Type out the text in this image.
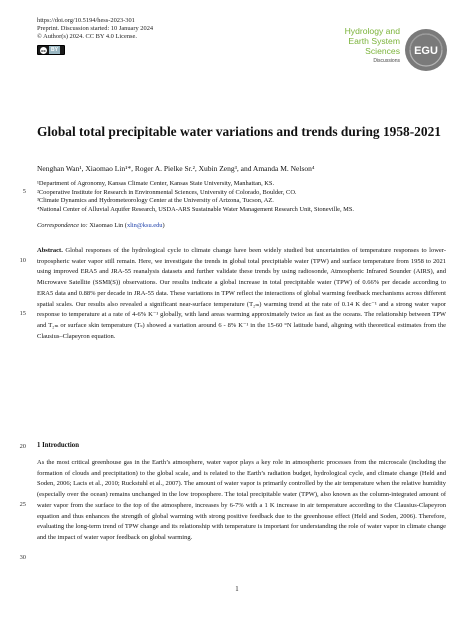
https://doi.org/10.5194/hess-2023-301
Preprint. Discussion started: 10 January 2024
© Author(s) 2024. CC BY 4.0 License.
cc	BY
Hydrology and
Earth System
Sciences
Discussions
EGU
Global total precipitable water variations and trends during 1958-2021
Nenghan Wan¹, Xiaomao Lin¹*, Roger A. Pielke Sr.², Xubin Zeng³, and Amanda M. Nelson⁴
¹Department of Agronomy, Kansas Climate Center, Kansas State University, Manhattan, KS.
²Cooperative Institute for Research in Environmental Sciences, University of Colorado, Boulder, CO.
³Climate Dynamics and Hydrometeorology Center at the University of Arizona, Tucson, AZ.
⁴National Center of Alluvial Aquifer Research, USDA-ARS Sustainable Water Management Research Unit, Stoneville, MS.
Correspondence to: Xiaomao Lin (xlin@ksu.edu)
5
10
15
20
25
30
Abstract. Global responses of the hydrological cycle to climate change have been widely studied but uncertainties of temperature responses to lower-tropospheric water vapor still remain. Here, we investigate the trends in global total precipitable water (TPW) and surface temperature from 1958 to 2021 using improved ERA5 and JRA-55 reanalysis datasets and further validate these trends by using radiosonde, Atmospheric Infrared Sounder (AIRS), and Microwave Satellite (SSMI(S)) observations. Our results indicate a global increase in total precipitable water (TPW) of 0.66% per decade according to ERA5 data and 0.88% per decade in JRA-55 data. These variations in TPW reflect the interactions of global warming feedback mechanisms across different spatial scales. Our results also revealed a significant near-surface temperature (T₂ₘ) warming trend at the rate of 0.14 K dec⁻¹ and a strong water vapor response to temperature at a rate of 4-6% K⁻¹ globally, with land areas warming approximately twice as fast as the oceans. The relationship between TPW and T₂ₘ or surface skin temperature (Tₛ) showed a variation around 6 - 8% K⁻¹ in the 15-60 °N latitude band, aligning with theoretical estimates from the Clausius–Clapeyron equation.
1 Introduction
As the most critical greenhouse gas in the Earth’s atmosphere, water vapor plays a key role in atmospheric processes from the microscale (including the formation of clouds and precipitation) to the global scale, and is related to the Earth’s radiation budget, hydrological cycle, and climate change (Held and Soden, 2006; Lacis et al., 2010; Ruckstuhl et al., 2007). The amount of water vapor is primarily controlled by the air temperature when the relative humidity (especially over the ocean) remains unchanged in the low troposphere. The total precipitable water (TPW), also known as the column-integrated amount of water vapor from the surface to the top of the atmosphere, increases by 6-7% with a 1 K increase in air temperature according to the Clausius-Clapeyron equation and thus enhances the strength of global warming with strong positive feedback due to the greenhouse effect (Held and Soden, 2006). Therefore, evaluating the long-term trend of TPW change and its relationship with temperature is important for understanding the role of water vapor in climate change and the impact of water vapor feedback on global warming.
1
